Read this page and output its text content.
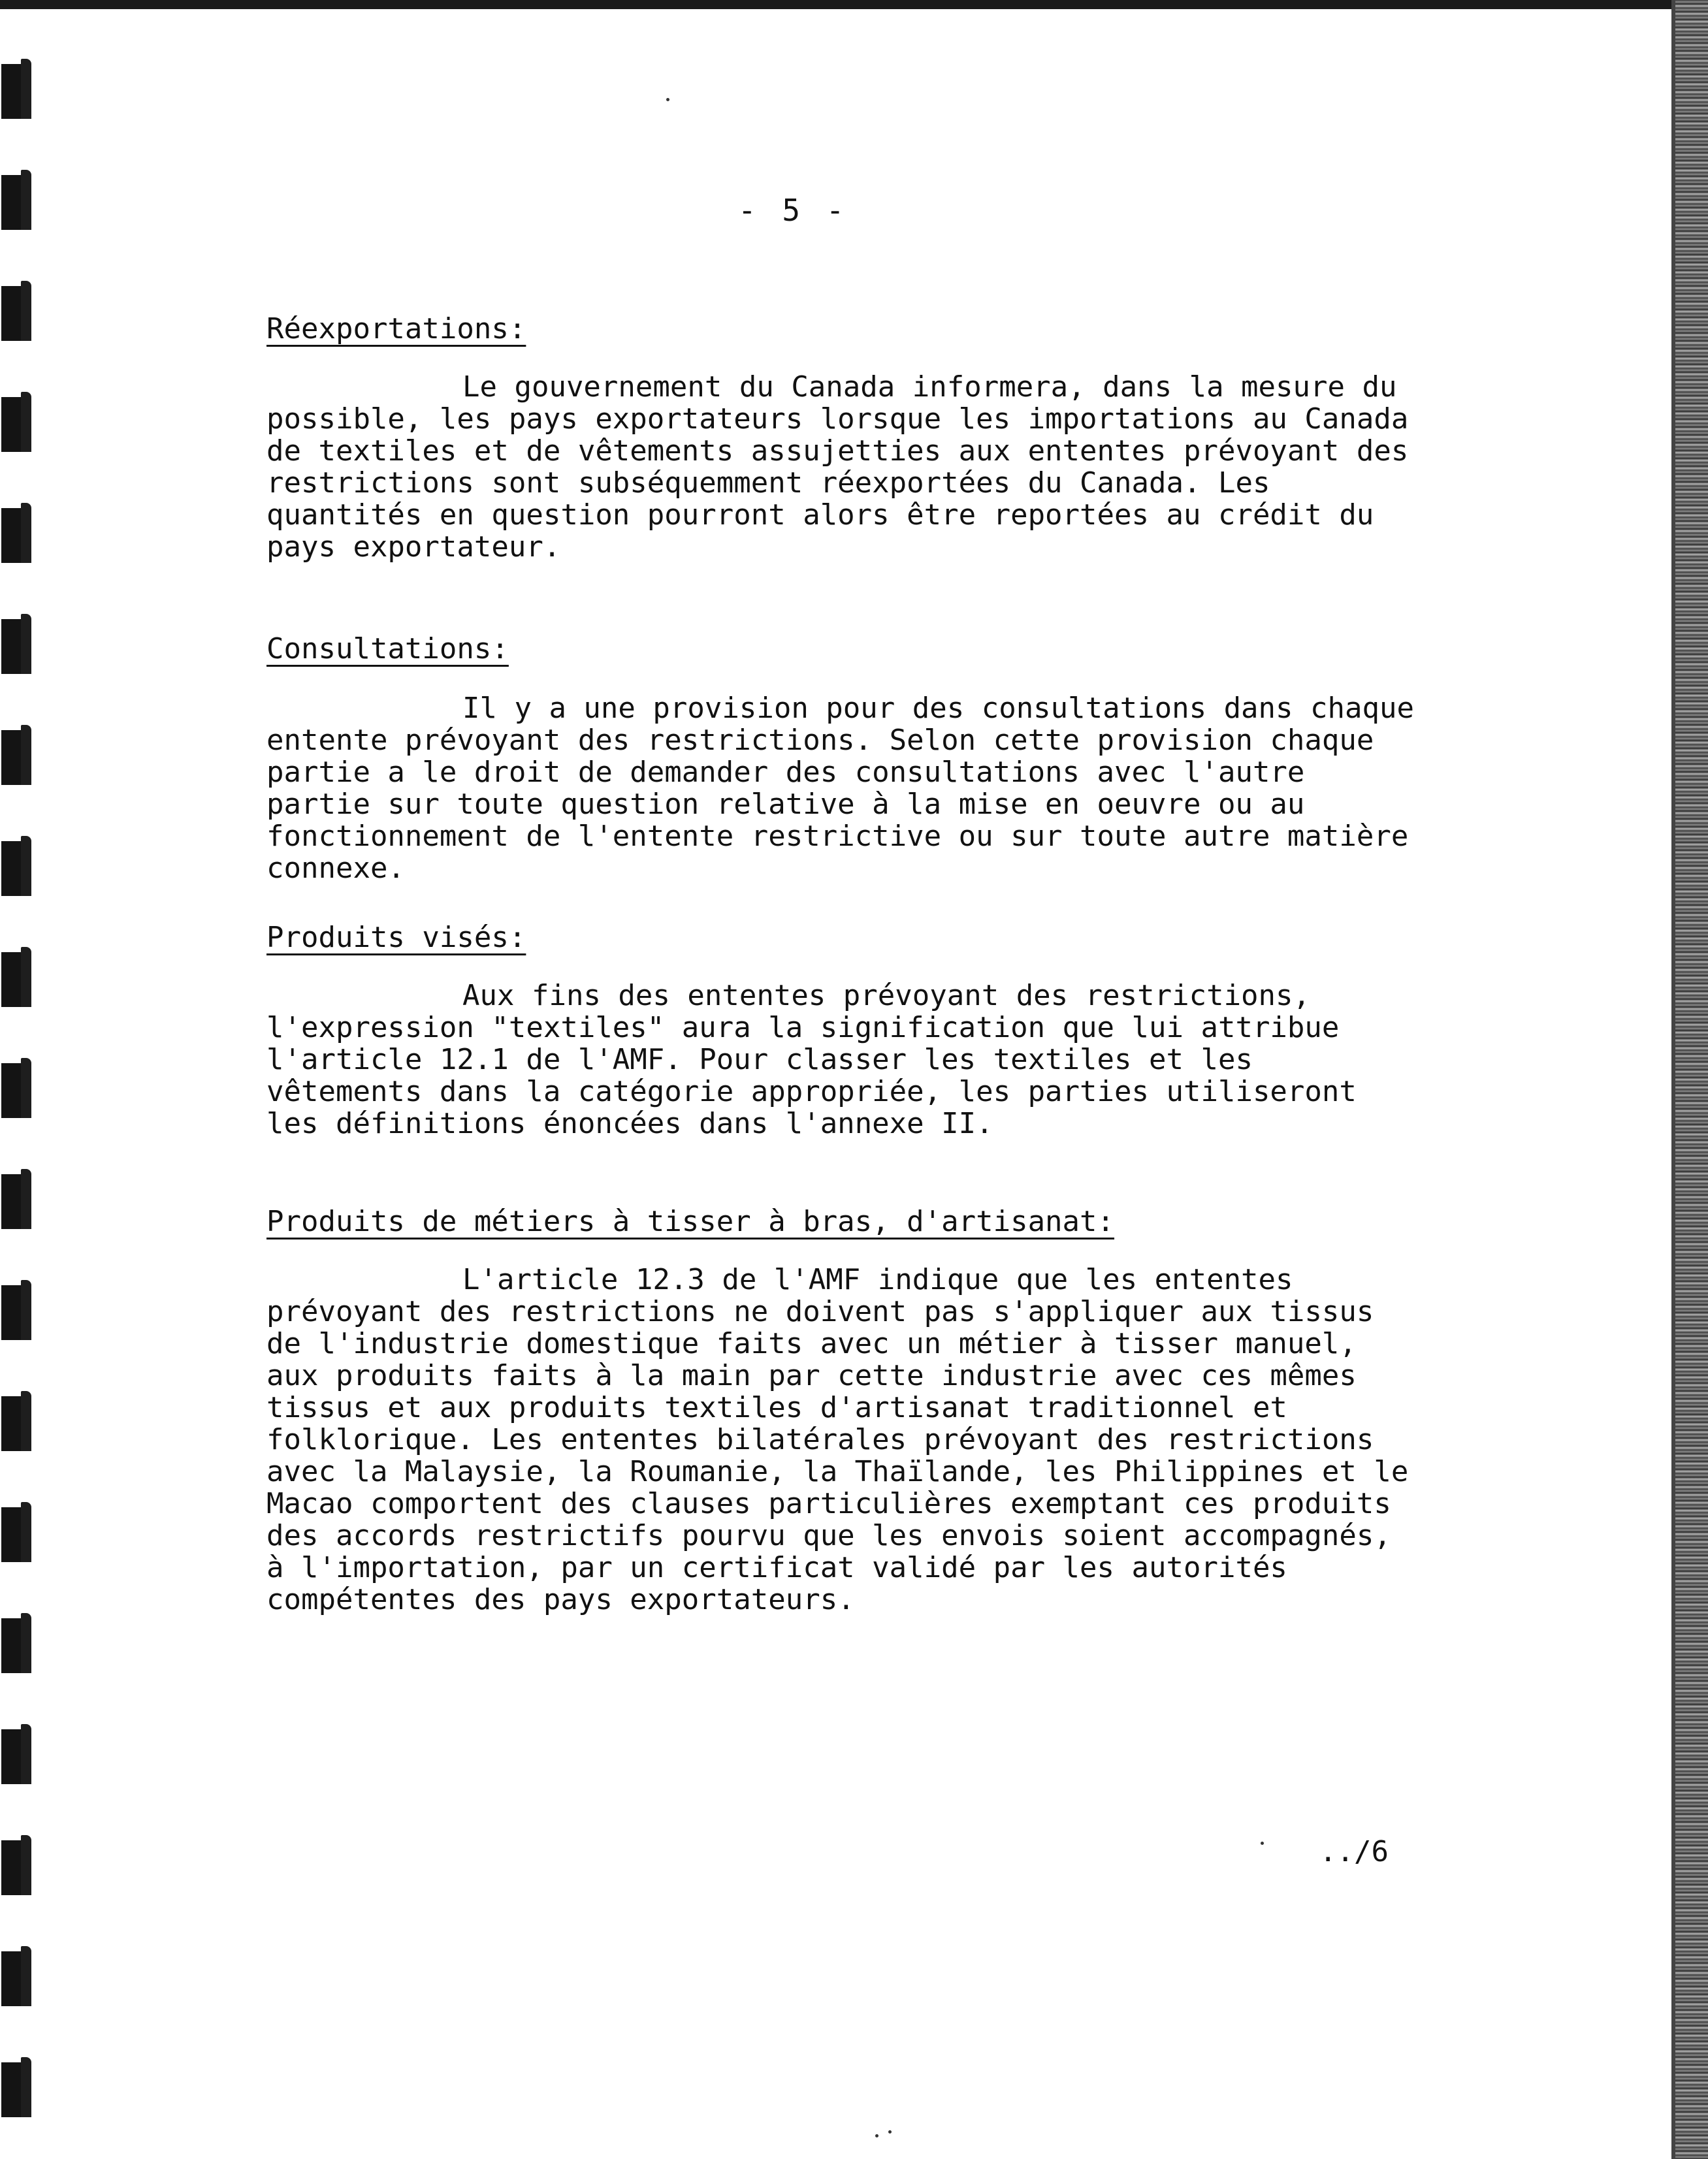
- 5 -
Réexportations:
Le gouvernement du Canada informera, dans la mesure du possible, les pays exportateurs lorsque les importations au Canada de textiles et de vêtements assujetties aux ententes prévoyant des restrictions sont subséquemment réexportées du Canada. Les quantités en question pourront alors être reportées au crédit du pays exportateur.
Consultations:
Il y a une provision pour des consultations dans chaque entente prévoyant des restrictions. Selon cette provision chaque partie a le droit de demander des consultations avec l'autre partie sur toute question relative à la mise en oeuvre ou au fonctionnement de l'entente restrictive ou sur toute autre matière connexe.
Produits visés:
Aux fins des ententes prévoyant des restrictions, l'expression "textiles" aura la signification que lui attribue l'article 12.1 de l'AMF. Pour classer les textiles et les vêtements dans la catégorie appropriée, les parties utiliseront les définitions énoncées dans l'annexe II.
Produits de métiers à tisser à bras, d'artisanat:
L'article 12.3 de l'AMF indique que les ententes prévoyant des restrictions ne doivent pas s'appliquer aux tissus de l'industrie domestique faits avec un métier à tisser manuel, aux produits faits à la main par cette industrie avec ces mêmes tissus et aux produits textiles d'artisanat traditionnel et folklorique. Les ententes bilatérales prévoyant des restrictions avec la Malaysie, la Roumanie, la Thaïlande, les Philippines et le Macao comportent des clauses particulières exemptant ces produits des accords restrictifs pourvu que les envois soient accompagnés, à l'importation, par un certificat validé par les autorités compétentes des pays exportateurs.
../6
